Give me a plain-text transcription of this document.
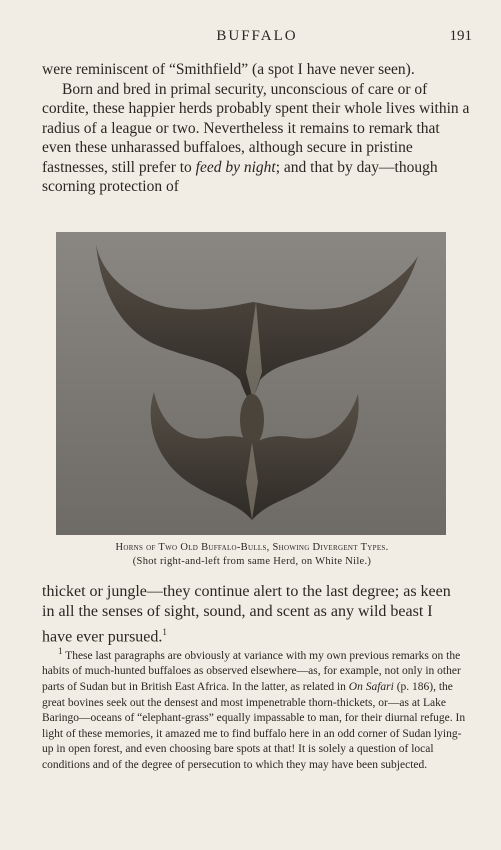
BUFFALO	191
were reminiscent of “Smithfield” (a spot I have never seen).
Born and bred in primal security, unconscious of care or of cordite, these happier herds probably spent their whole lives within a radius of a league or two. Nevertheless it remains to remark that even these unharassed buffaloes, although secure in pristine fastnesses, still prefer to feed by night; and that by day—though scorning protection of
Horns of Two Old Buffalo-Bulls, Showing Divergent Types.
(Shot right-and-left from same Herd, on White Nile.)
thicket or jungle—they continue alert to the last degree; as keen in all the senses of sight, sound, and scent as any wild beast I have ever pursued.$^1$

$^1$ These last paragraphs are obviously at variance with my own previous remarks on the habits of much-hunted buffaloes as observed elsewhere—as, for example, not only in other parts of Sudan but in British East Africa. In the latter, as related in On Safari (p. 186), the great bovines seek out the densest and most impenetrable thorn-thickets, or—as at Lake Baringo—oceans of “elephant-grass” equally impassable to man, for their diurnal refuge. In light of these memories, it amazed me to find buffalo here in an odd corner of Sudan lying-up in open forest, and even choosing bare spots at that! It is solely a question of local conditions and of the degree of persecution to which they may have been subjected.
